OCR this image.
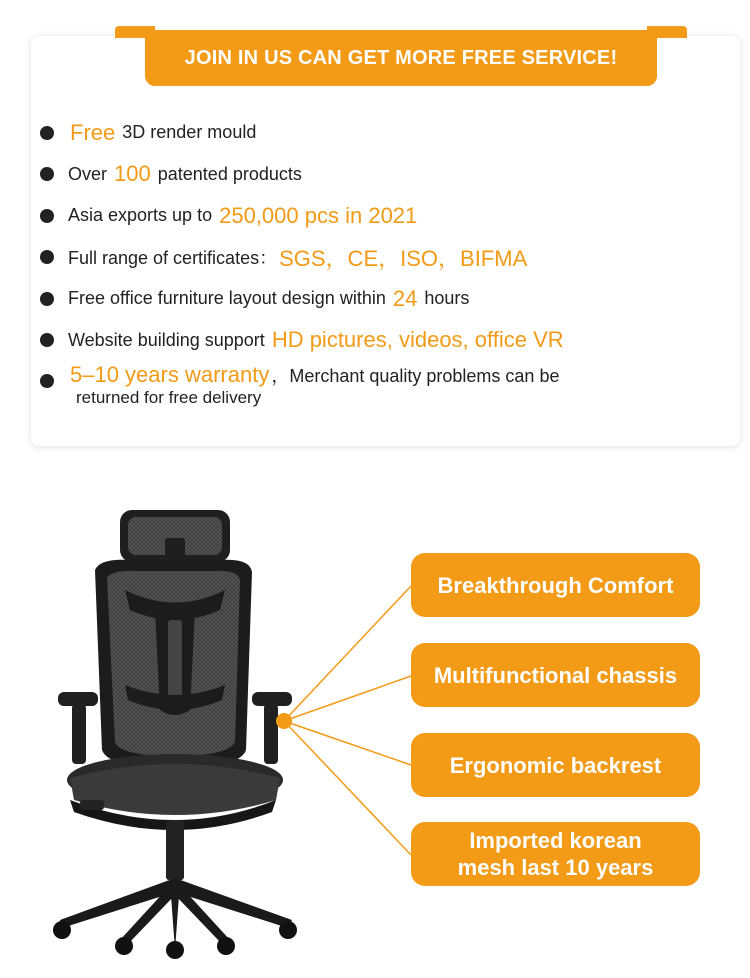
JOIN IN US CAN GET MORE FREE SERVICE!
Free
3D render mould
Over
100
patented products
Asia exports up to
250,000 pcs in 2021
Full range of certificates： SGS，CE，ISO，BIFMA
Free office furniture layout design within
24
hours
Website building support
HD pictures, videos, office VR
5–10 years warranty ，Merchant quality problems can be
returned for free delivery
Breakthrough Comfort
Multifunctional chassis
Ergonomic backrest
Imported korean mesh last 10 years
